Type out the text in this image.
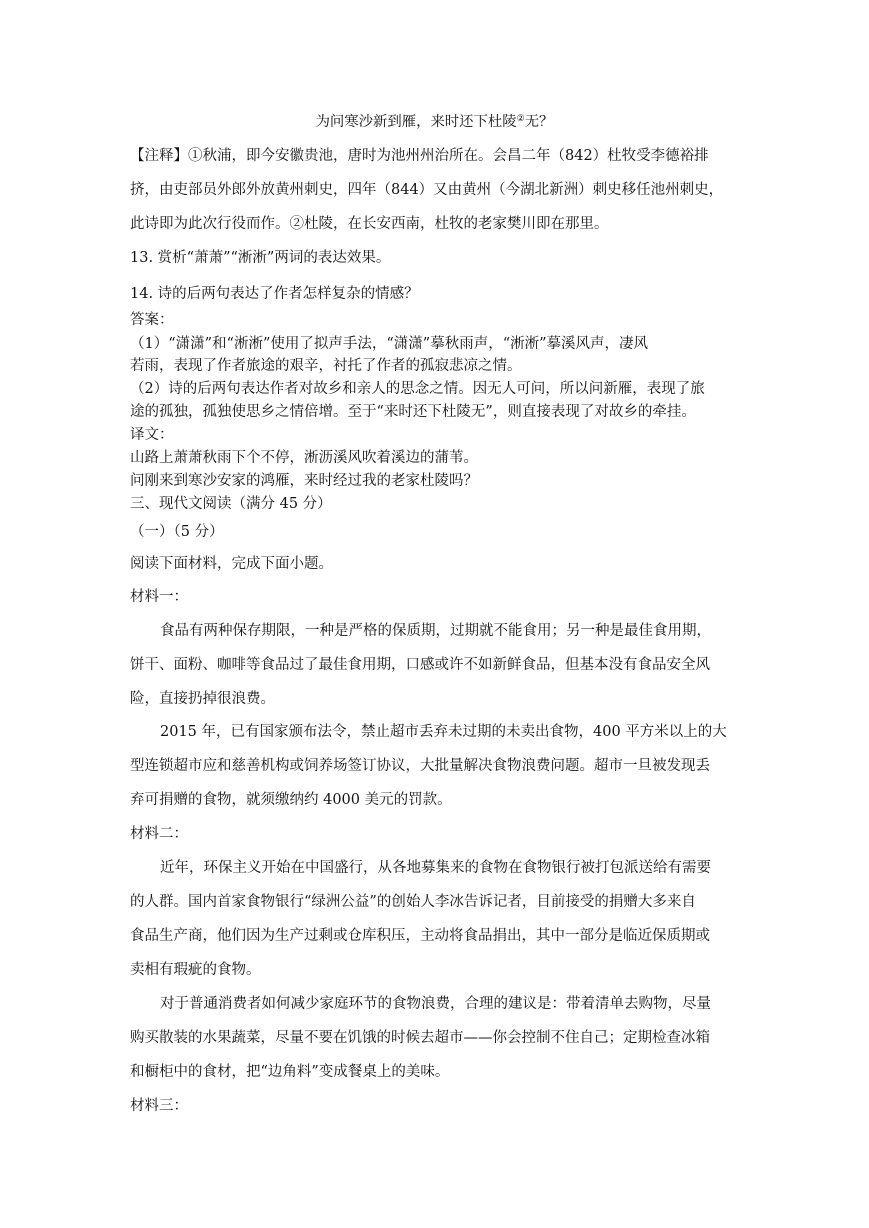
为问寒沙新到雁，来时还下杜陵②无？
【注释】①秋浦，即今安徽贵池，唐时为池州州治所在。会昌二年（842）杜牧受李德裕排
挤，由吏部员外郎外放黄州刺史，四年（844）又由黄州（今湖北新洲）刺史移任池州刺史，
此诗即为此次行役而作。②杜陵，在长安西南，杜牧的老家樊川即在那里。
13. 赏析“萧萧”“淅淅”两词的表达效果。
14. 诗的后两句表达了作者怎样复杂的情感？
答案：
（1）“潇潇”和“淅淅”使用了拟声手法，“潇潇”摹秋雨声，“淅淅”摹溪风声，凄风
若雨，表现了作者旅途的艰辛，衬托了作者的孤寂悲凉之情。
（2）诗的后两句表达作者对故乡和亲人的思念之情。因无人可问，所以问新雁，表现了旅
途的孤独，孤独使思乡之情倍增。至于“来时还下杜陵无”，则直接表现了对故乡的牵挂。
译文：
山路上萧萧秋雨下个不停，淅沥溪风吹着溪边的蒲苇。
问刚来到寒沙安家的鸿雁，来时经过我的老家杜陵吗？
三、现代文阅读（满分 45 分）
（一）（5 分）
阅读下面材料，完成下面小题。
材料一：
食品有两种保存期限，一种是严格的保质期，过期就不能食用；另一种是最佳食用期，
饼干、面粉、咖啡等食品过了最佳食用期，口感或许不如新鲜食品，但基本没有食品安全风
险，直接扔掉很浪费。
2015 年，已有国家颁布法令，禁止超市丢弃未过期的未卖出食物，400 平方米以上的大
型连锁超市应和慈善机构或饲养场签订协议，大批量解决食物浪费问题。超市一旦被发现丢
弃可捐赠的食物，就须缴纳约 4000 美元的罚款。
材料二：
近年，环保主义开始在中国盛行，从各地募集来的食物在食物银行被打包派送给有需要
的人群。国内首家食物银行“绿洲公益”的创始人李冰告诉记者，目前接受的捐赠大多来自
食品生产商，他们因为生产过剩或仓库积压，主动将食品捐出，其中一部分是临近保质期或
卖相有瑕疵的食物。
对于普通消费者如何减少家庭环节的食物浪费，合理的建议是：带着清单去购物，尽量
购买散装的水果蔬菜，尽量不要在饥饿的时候去超市——你会控制不住自己；定期检查冰箱
和橱柜中的食材，把“边角料”变成餐桌上的美味。
材料三：
